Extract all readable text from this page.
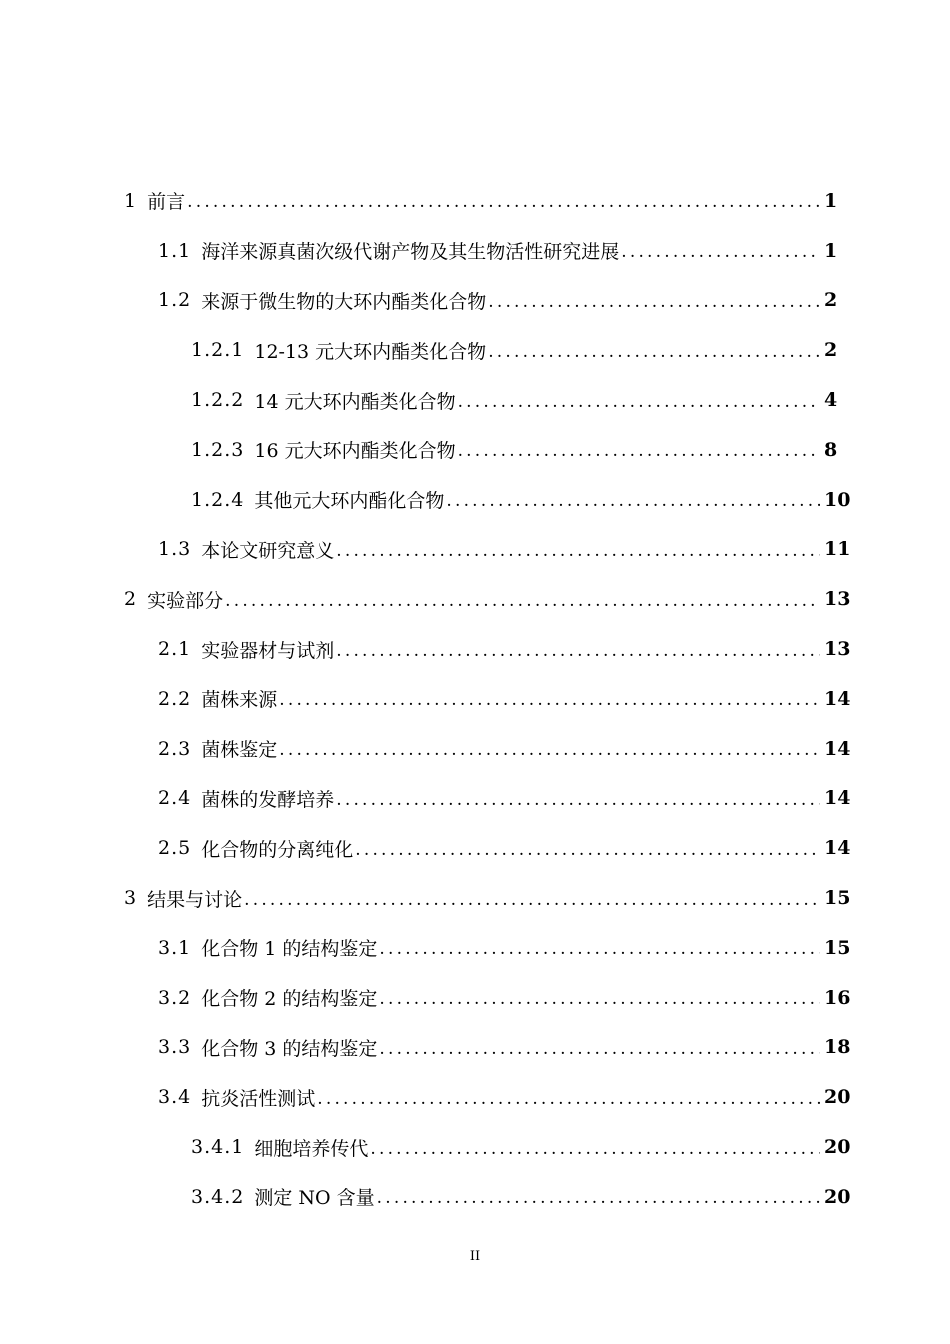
1 前言 .....	1
1.1 海洋来源真菌次级代谢产物及其生物活性研究进展 .....	1
1.2 来源于微生物的大环内酯类化合物 .....	2
1.2.1 12-13 元大环内酯类化合物 .....	2
1.2.2 14 元大环内酯类化合物 .....	4
1.2.3 16 元大环内酯类化合物 .....	8
1.2.4 其他元大环内酯化合物 .....	10
1.3 本论文研究意义 .....	11
2 实验部分 .....	13
2.1 实验器材与试剂 .....	13
2.2 菌株来源 .....	14
2.3 菌株鉴定 .....	14
2.4 菌株的发酵培养 .....	14
2.5 化合物的分离纯化 .....	14
3 结果与讨论 .....	15
3.1 化合物 1 的结构鉴定 .....	15
3.2 化合物 2 的结构鉴定 .....	16
3.3 化合物 3 的结构鉴定 .....	18
3.4 抗炎活性测试 .....	20
3.4.1 细胞培养传代 .....	20
3.4.2 测定 NO 含量 .....	20
II
